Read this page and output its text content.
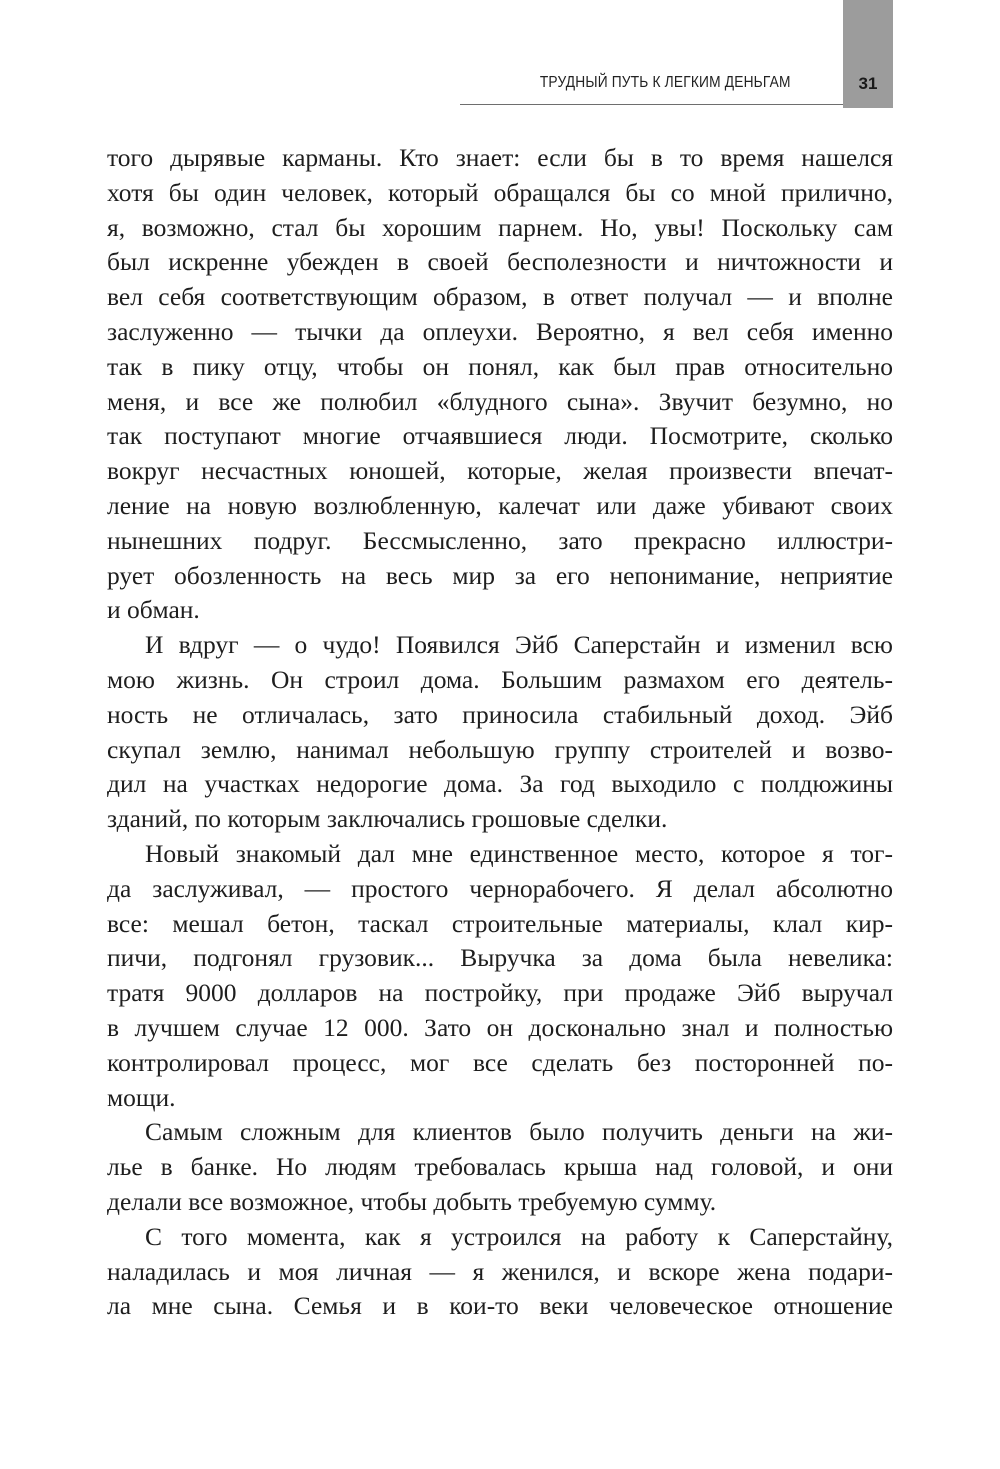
ТРУДНЫЙ ПУТЬ К ЛЕГКИМ ДЕНЬГАМ	31
того дырявые карманы. Кто знает: если бы в то время нашелся
хотя бы один человек, который обращался бы со мной прилично,
я, возможно, стал бы хорошим парнем. Но, увы! Поскольку сам
был искренне убежден в своей бесполезности и ничтожности и
вел себя соответствующим образом, в ответ получал — и вполне
заслуженно — тычки да оплеухи. Вероятно, я вел себя именно
так в пику отцу, чтобы он понял, как был прав относительно
меня, и все же полюбил «блудного сына». Звучит безумно, но
так поступают многие отчаявшиеся люди. Посмотрите, сколько
вокруг несчастных юношей, которые, желая произвести впечат-
ление на новую возлюбленную, калечат или даже убивают своих
нынешних подруг. Бессмысленно, зато прекрасно иллюстри-
рует обозленность на весь мир за его непонимание, неприятие
и обман.
И вдруг — о чудо! Появился Эйб Саперстайн и изменил всю
мою жизнь. Он строил дома. Большим размахом его деятель-
ность не отличалась, зато приносила стабильный доход. Эйб
скупал землю, нанимал небольшую группу строителей и возво-
дил на участках недорогие дома. За год выходило с полдюжины
зданий, по которым заключались грошовые сделки.
Новый знакомый дал мне единственное место, которое я тог-
да заслуживал, — простого чернорабочего. Я делал абсолютно
все: мешал бетон, таскал строительные материалы, клал кир-
пичи, подгонял грузовик... Выручка за дома была невелика:
тратя 9000 долларов на постройку, при продаже Эйб выручал
в лучшем случае 12 000. Зато он досконально знал и полностью
контролировал процесс, мог все сделать без посторонней по-
мощи.
Самым сложным для клиентов было получить деньги на жи-
лье в банке. Но людям требовалась крыша над головой, и они
делали все возможное, чтобы добыть требуемую сумму.
С того момента, как я устроился на работу к Саперстайну,
наладилась и моя личная — я женился, и вскоре жена подари-
ла мне сына. Семья и в кои-то веки человеческое отношение
